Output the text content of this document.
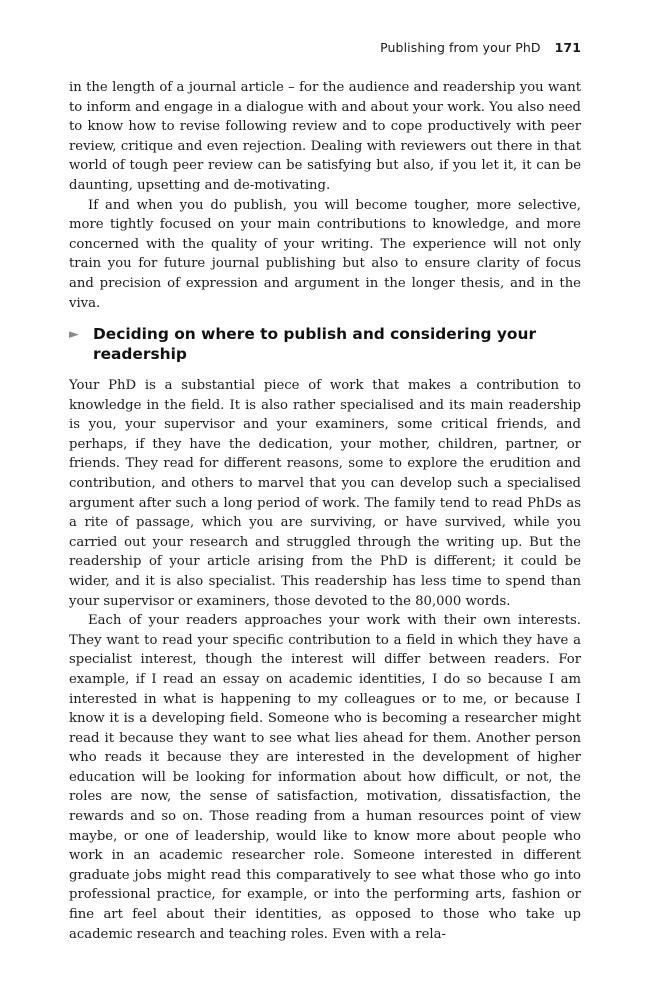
Publishing from your PhD 171

in the length of a journal article – for the audience and readership you want to inform and engage in a dialogue with and about your work. You also need to know how to revise following review and to cope productively with peer review, critique and even rejection. Dealing with reviewers out there in that world of tough peer review can be satisfying but also, if you let it, it can be daunting, upsetting and de-motivating.

If and when you do publish, you will become tougher, more selective, more tightly focused on your main contributions to knowledge, and more concerned with the quality of your writing. The experience will not only train you for future journal publishing but also to ensure clarity of focus and precision of expression and argument in the longer thesis, and in the viva.

► Deciding on where to publish and considering your readership

Your PhD is a substantial piece of work that makes a contribution to knowledge in the field. It is also rather specialised and its main readership is you, your supervisor and your examiners, some critical friends, and perhaps, if they have the dedication, your mother, children, partner, or friends. They read for different reasons, some to explore the erudition and contribution, and others to marvel that you can develop such a specialised argument after such a long period of work. The family tend to read PhDs as a rite of passage, which you are surviving, or have survived, while you carried out your research and struggled through the writing up. But the readership of your article arising from the PhD is different; it could be wider, and it is also specialist. This readership has less time to spend than your supervisor or examiners, those devoted to the 80,000 words.

Each of your readers approaches your work with their own interests. They want to read your specific contribution to a field in which they have a specialist interest, though the interest will differ between readers. For example, if I read an essay on academic identities, I do so because I am interested in what is happening to my colleagues or to me, or because I know it is a developing field. Someone who is becoming a researcher might read it because they want to see what lies ahead for them. Another person who reads it because they are interested in the development of higher education will be looking for information about how difficult, or not, the roles are now, the sense of satisfaction, motivation, dissatisfaction, the rewards and so on. Those reading from a human resources point of view maybe, or one of leadership, would like to know more about people who work in an academic researcher role. Someone interested in different graduate jobs might read this comparatively to see what those who go into professional practice, for example, or into the performing arts, fashion or fine art feel about their identities, as opposed to those who take up academic research and teaching roles. Even with a rela-
